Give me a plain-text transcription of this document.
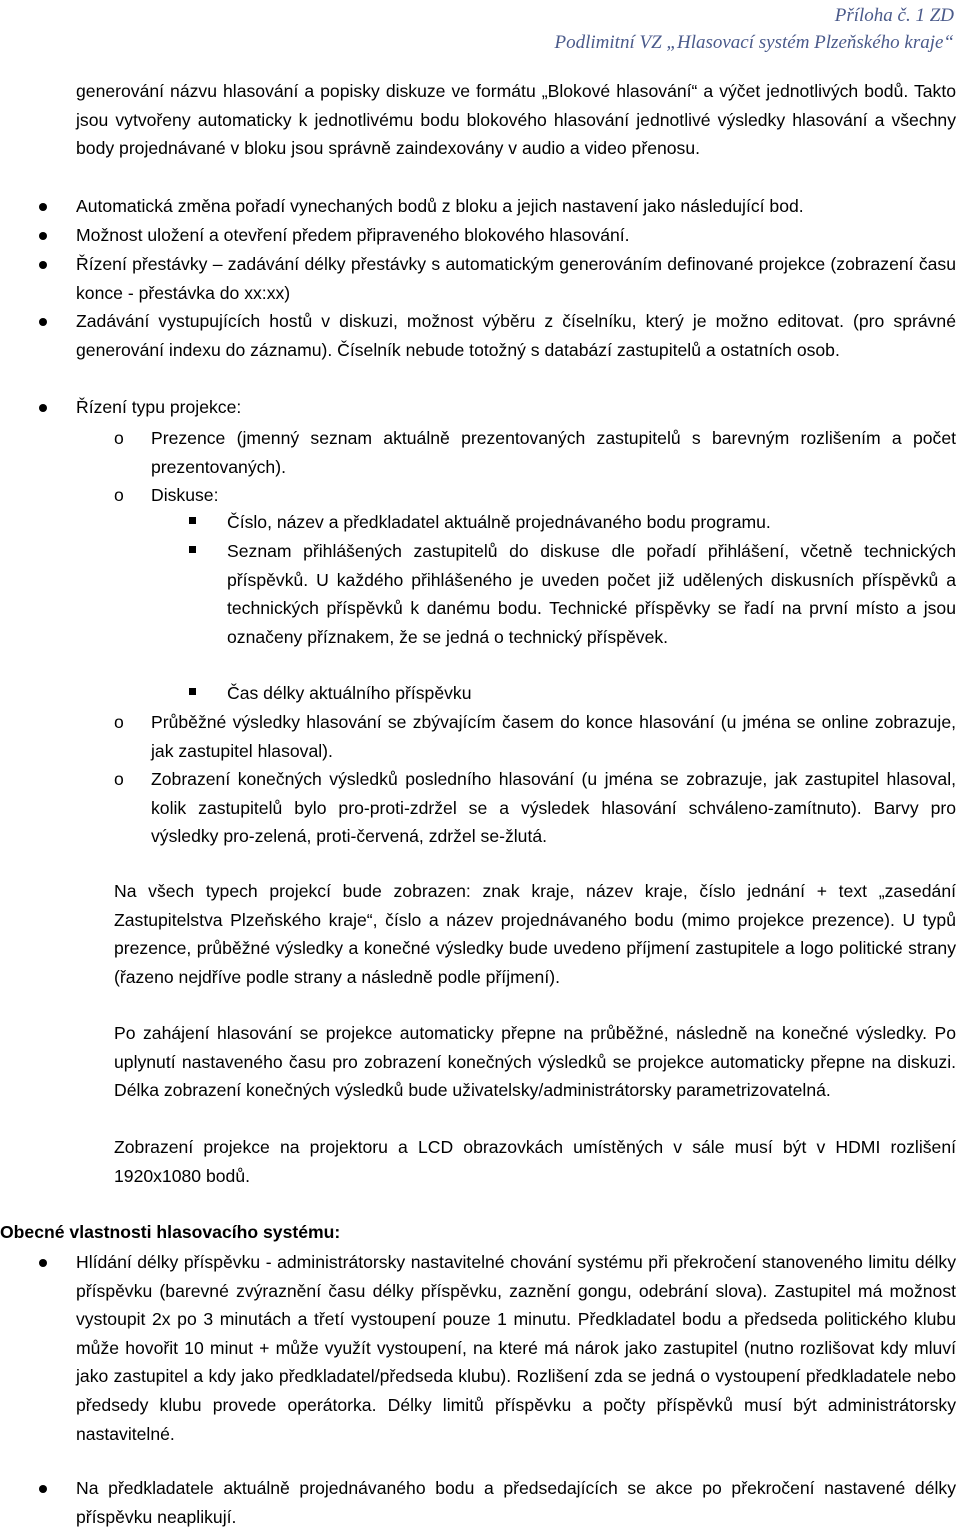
Příloha č. 1 ZD
Podlimitní VZ „Hlasovací systém Plzeňského kraje“

generování názvu hlasování a popisky diskuze ve formátu „Blokové hlasování“ a výčet jednotlivých bodů. Takto jsou vytvořeny automaticky k jednotlivému bodu blokového hlasování jednotlivé výsledky hlasování a všechny body projednávané v bloku jsou správně zaindexovány v audio a video přenosu.

Automatická změna pořadí vynechaných bodů z bloku a jejich nastavení jako následující bod.

Možnost uložení a otevření předem připraveného blokového hlasování.

Řízení přestávky – zadávání délky přestávky s automatickým generováním definované projekce (zobrazení času konce - přestávka do xx:xx)

Zadávání vystupujících hostů v diskuzi, možnost výběru z číselníku, který je možno editovat. (pro správné generování indexu do záznamu). Číselník nebude totožný s databází zastupitelů a ostatních osob.

Řízení typu projekce:

o Prezence (jmenný seznam aktuálně prezentovaných zastupitelů s barevným rozlišením a počet prezentovaných).

o Diskuse:

Číslo, název a předkladatel aktuálně projednávaného bodu programu.

Seznam přihlášených zastupitelů do diskuse dle pořadí přihlášení, včetně technických příspěvků. U každého přihlášeného je uveden počet již udělených diskusních příspěvků a technických příspěvků k danému bodu. Technické příspěvky se řadí na první místo a jsou označeny příznakem, že se jedná o technický příspěvek.

Čas délky aktuálního příspěvku

o Průběžné výsledky hlasování se zbývajícím časem do konce hlasování (u jména se online zobrazuje, jak zastupitel hlasoval).

o Zobrazení konečných výsledků posledního hlasování (u jména se zobrazuje, jak zastupitel hlasoval, kolik zastupitelů bylo pro-proti-zdržel se a výsledek hlasování schváleno-zamítnuto). Barvy pro výsledky pro-zelená, proti-červená, zdržel se-žlutá.

Na všech typech projekcí bude zobrazen: znak kraje, název kraje, číslo jednání + text „zasedání Zastupitelstva Plzeňského kraje“, číslo a název projednávaného bodu (mimo projekce prezence). U typů prezence, průběžné výsledky a konečné výsledky bude uvedeno příjmení zastupitele a logo politické strany (řazeno nejdříve podle strany a následně podle příjmení).

Po zahájení hlasování se projekce automaticky přepne na průběžné, následně na konečné výsledky. Po uplynutí nastaveného času pro zobrazení konečných výsledků se projekce automaticky přepne na diskuzi. Délka zobrazení konečných výsledků bude uživatelsky/administrátorsky parametrizovatelná.

Zobrazení projekce na projektoru a LCD obrazovkách umístěných v sále musí být v HDMI rozlišení 1920x1080 bodů.

Obecné vlastnosti hlasovacího systému:

Hlídání délky příspěvku - administrátorsky nastavitelné chování systému při překročení stanoveného limitu délky příspěvku (barevné zvýraznění času délky příspěvku, zaznění gongu, odebrání slova). Zastupitel má možnost vystoupit 2x po 3 minutách a třetí vystoupení pouze 1 minutu. Předkladatel bodu a předseda politického klubu může hovořit 10 minut + může využít vystoupení, na které má nárok jako zastupitel (nutno rozlišovat kdy mluví jako zastupitel a kdy jako předkladatel/předseda klubu). Rozlišení zda se jedná o vystoupení předkladatele nebo předsedy klubu provede operátorka. Délky limitů příspěvku a počty příspěvků musí být administrátorsky nastavitelné.

Na předkladatele aktuálně projednávaného bodu a předsedajících se akce po překročení nastavené délky příspěvku neaplikují.
